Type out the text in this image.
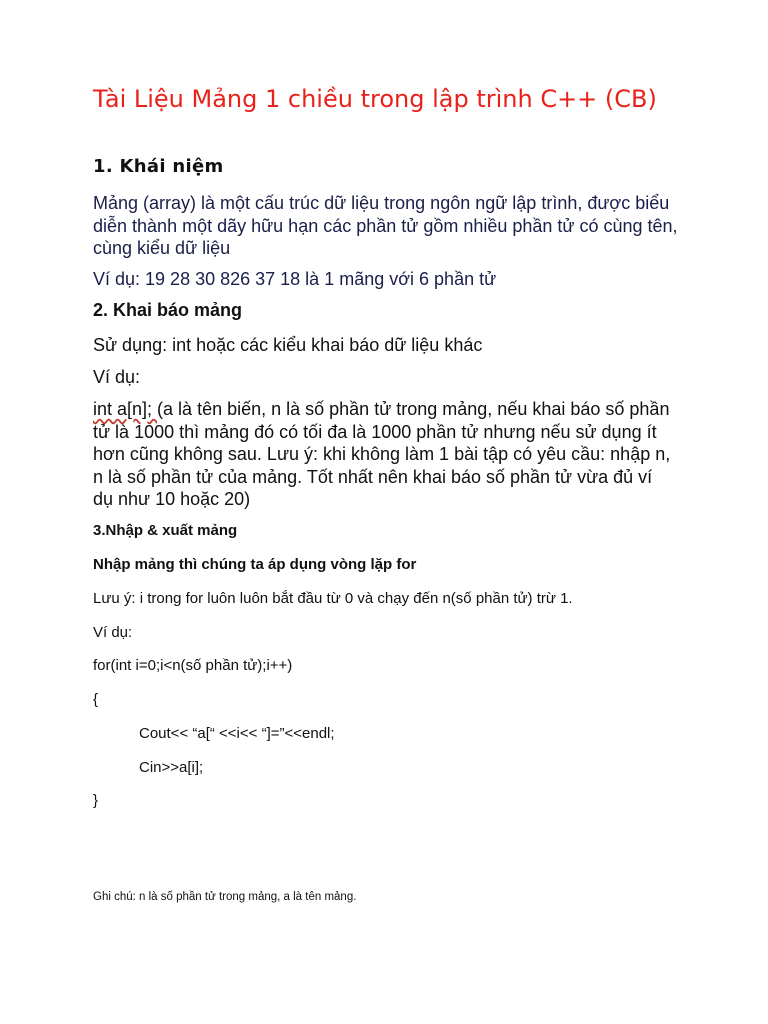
Tài Liệu Mảng 1 chiều trong lập trình C++ (CB)
1. Khái niệm

Mảng (array) là một cấu trúc dữ liệu trong ngôn ngữ lập trình, được biểu diễn thành một dãy hữu hạn các phần tử gồm nhiều phần tử có cùng tên, cùng kiểu dữ liệu

Ví dụ: 19 28 30 826 37 18 là 1 mãng với 6 phần tử

2. Khai báo mảng

Sử dụng: int hoặc các kiểu khai báo dữ liệu khác

Ví dụ:

int a[n]; (a là tên biến, n là số phần tử trong mảng, nếu khai báo số phần tử là 1000 thì mảng đó có tối đa là 1000 phần tử nhưng nếu sử dụng ít hơn cũng không sau. Lưu ý: khi không làm 1 bài tập có yêu cầu: nhập n, n là số phần tử của mảng. Tốt nhất nên khai báo số phần tử vừa đủ ví dụ như 10 hoặc 20)

3.Nhập & xuất mảng
Nhập mảng thì chúng ta áp dụng vòng lặp for
Lưu ý: i trong for luôn luôn bắt đầu từ 0 và chạy đến n(số phần tử) trừ 1.
Ví dụ:
for(int i=0;i<n(số phần tử);i++)
{
Cout<< “a[“ <<i<< “]=”<<endl;
Cin>>a[i];
}
Ghi chú: n là số phần tử trong mảng, a là tên mảng.
